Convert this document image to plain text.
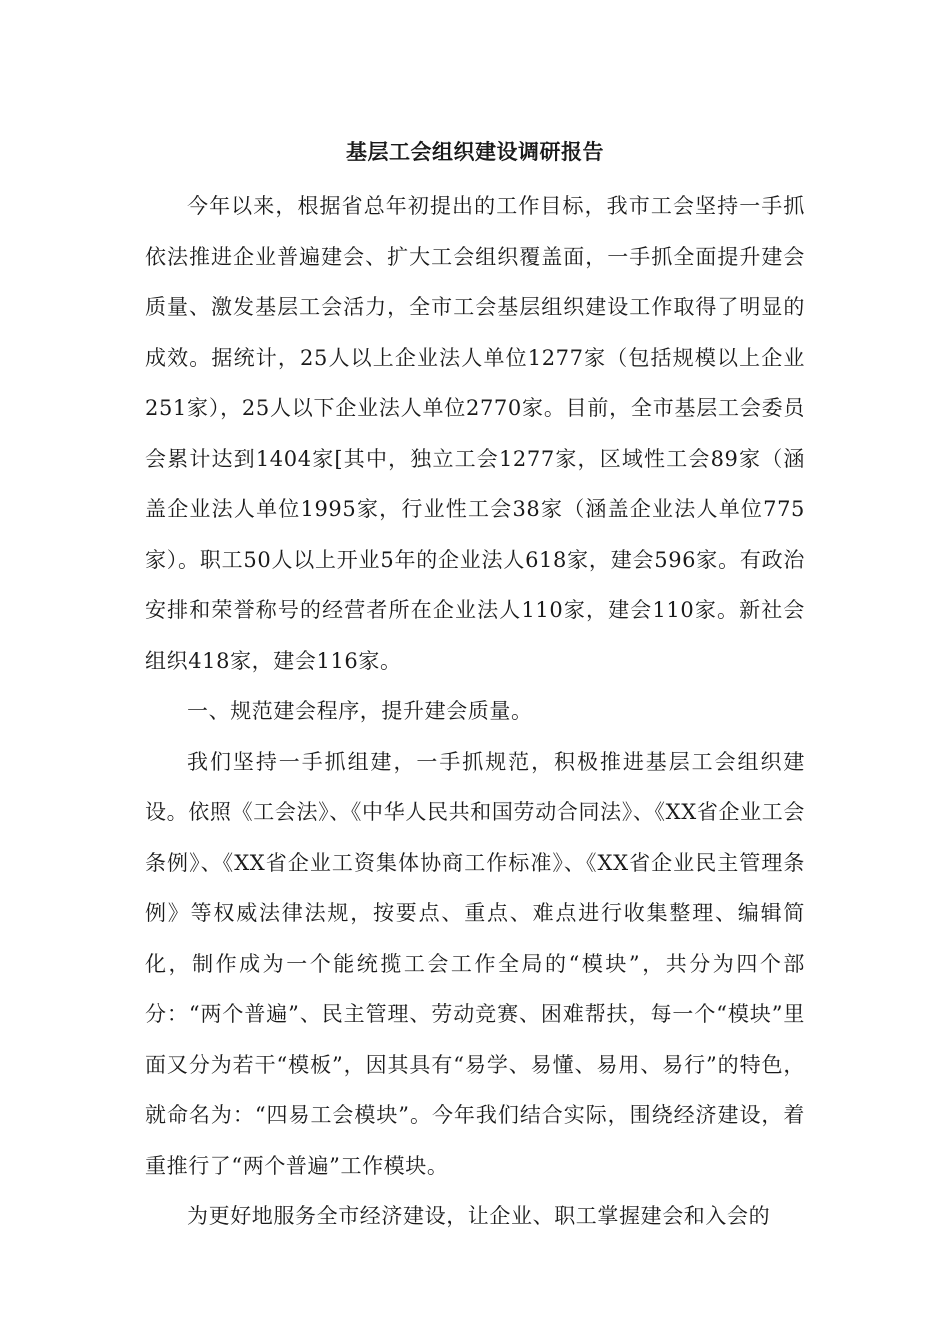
基层工会组织建设调研报告

今年以来，根据省总年初提出的工作目标，我市工会坚持一手抓依法推进企业普遍建会、扩大工会组织覆盖面，一手抓全面提升建会质量、激发基层工会活力，全市工会基层组织建设工作取得了明显的成效。据统计，25人以上企业法人单位1277家（包括规模以上企业251家），25人以下企业法人单位2770家。目前，全市基层工会委员会累计达到1404家[其中，独立工会1277家，区域性工会89家（涵盖企业法人单位1995家，行业性工会38家（涵盖企业法人单位775家）。职工50人以上开业5年的企业法人618家，建会596家。有政治安排和荣誉称号的经营者所在企业法人110家，建会110家。新社会组织418家，建会116家。

一、规范建会程序，提升建会质量。

我们坚持一手抓组建，一手抓规范，积极推进基层工会组织建设。依照《工会法》、《中华人民共和国劳动合同法》、《XX省企业工会条例》、《XX省企业工资集体协商工作标准》、《XX省企业民主管理条例》等权威法律法规，按要点、重点、难点进行收集整理、编辑简化，制作成为一个能统揽工会工作全局的“模块”，共分为四个部分：“两个普遍”、民主管理、劳动竞赛、困难帮扶，每一个“模块”里面又分为若干“模板”，因其具有“易学、易懂、易用、易行”的特色，就命名为：“四易工会模块”。今年我们结合实际，围绕经济建设，着重推行了“两个普遍”工作模块。

为更好地服务全市经济建设，让企业、职工掌握建会和入会的
